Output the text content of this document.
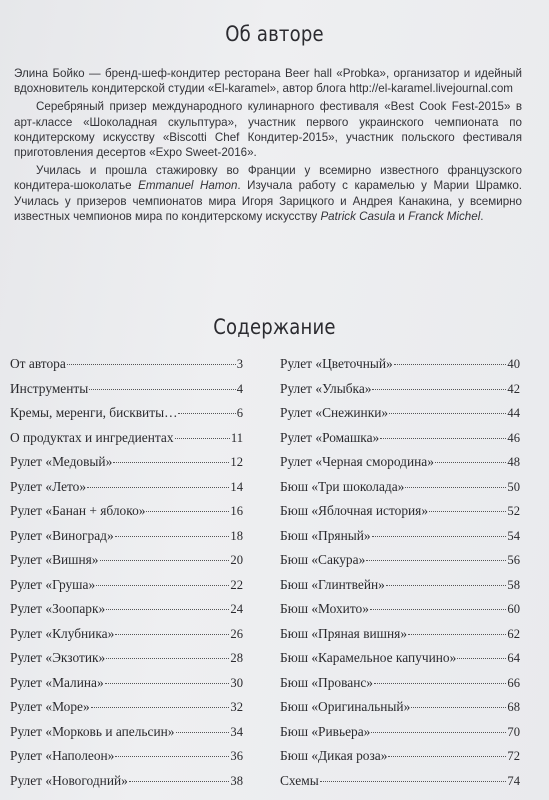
Об авторе

Элина Бойко — бренд-шеф-кондитер ресторана Beer hall «Probka», организатор и идейный вдохновитель кондитерской студии «El-karamel», автор блога http://el-karamel.livejournal.com

Серебряный призер международного кулинарного фестиваля «Best Cook Fest-2015» в арт-классе «Шоколадная скульптура», участник первого украинского чемпионата по кондитерскому искусству «Biscotti Chef Кондитер-2015», участник польского фестиваля приготовления десертов «Expo Sweet-2016».

Училась и прошла стажировку во Франции у всемирно известного французского кондитера-шоколатье Emmanuel Hamon. Изучала работу с карамелью у Марии Шрамко. Училась у призеров чемпионатов мира Игоря Зарицкого и Андрея Канакина, у всемирно известных чемпионов мира по кондитерскому искусству Patrick Casula и Franck Michel.

Содержание
От автора	3
Инструменты	4
Кремы, меренги, бисквиты…	6
О продуктах и ингредиентах	11
Рулет «Медовый»	12
Рулет «Лето»	14
Рулет «Банан + яблоко»	16
Рулет «Виноград»	18
Рулет «Вишня»	20
Рулет «Груша»	22
Рулет «Зоопарк»	24
Рулет «Клубника»	26
Рулет «Экзотик»	28
Рулет «Малина»	30
Рулет «Море»	32
Рулет «Морковь и апельсин»	34
Рулет «Наполеон»	36
Рулет «Новогодний»	38
Рулет «Цветочный»	40
Рулет «Улыбка»	42
Рулет «Снежинки»	44
Рулет «Ромашка»	46
Рулет «Черная смородина»	48
Бюш «Три шоколада»	50
Бюш «Яблочная история»	52
Бюш «Пряный»	54
Бюш «Сакура»	56
Бюш «Глинтвейн»	58
Бюш «Мохито»	60
Бюш «Пряная вишня»	62
Бюш «Карамельное капучино»	64
Бюш «Прованс»	66
Бюш «Оригинальный»	68
Бюш «Ривьера»	70
Бюш «Дикая роза»	72
Схемы	74
